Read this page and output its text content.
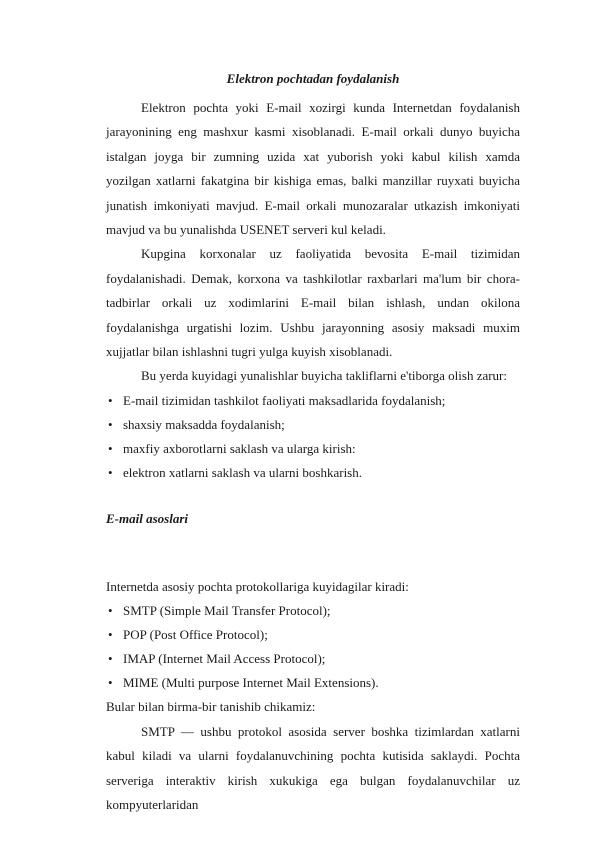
Elektron pochtadan foydalanish

Elektron pochta yoki E-mail xozirgi kunda Internetdan foydalanish jarayonining eng mashxur kasmi xisoblanadi. E-mail orkali dunyo buyicha istalgan joyga bir zumning uzida xat yuborish yoki kabul kilish xamda yozilgan xatlarni fakatgina bir kishiga emas, balki manzillar ruyxati buyicha junatish imkoniyati mavjud. E-mail orkali munozaralar utkazish imkoniyati mavjud va bu yunalishda USENET serveri kul keladi.

Kupgina korxonalar uz faoliyatida bevosita E-mail tizimidan foydalanishadi. Demak, korxona va tashkilotlar raxbarlari ma'lum bir chora-tadbirlar orkali uz xodimlarini E-mail bilan ishlash, undan okilona foydalanishga urgatishi lozim. Ushbu jarayonning asosiy maksadi muxim xujjatlar bilan ishlashni tugri yulga kuyish xisoblanadi.

Bu yerda kuyidagi yunalishlar buyicha takliflarni e'tiborga olish zarur:

• E-mail tizimidan tashkilot faoliyati maksadlarida foydalanish;
• shaxsiy maksadda foydalanish;
• maxfiy axborotlarni saklash va ularga kirish:
• elektron xatlarni saklash va ularni boshkarish.
E-mail asoslari

Internetda asosiy pochta protokollariga kuyidagilar kiradi:

• SMTP (Simple Mail Transfer Protocol);
• POP (Post Office Protocol);
• IMAP (Internet Mail Access Protocol);
• MIME (Multi purpose Internet Mail Extensions).

Bular bilan birma-bir tanishib chikamiz:

SMTP — ushbu protokol asosida server boshka tizimlardan xatlarni kabul kiladi va ularni foydalanuvchining pochta kutisida saklaydi. Pochta serveriga interaktiv kirish xukukiga ega bulgan foydalanuvchilar uz kompyuterlaridan
